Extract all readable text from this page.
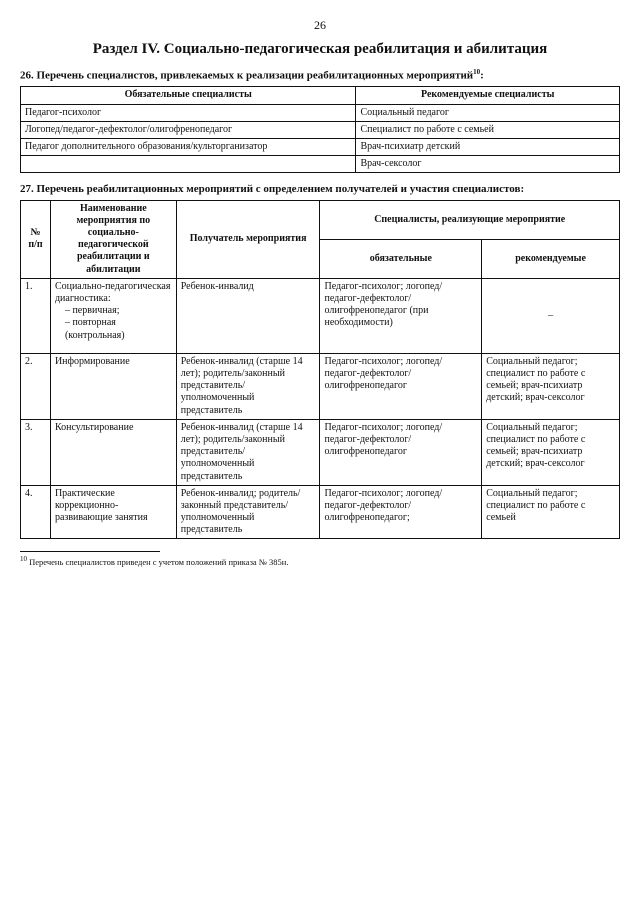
26
Раздел IV. Социально-педагогическая реабилитация и абилитация
26. Перечень специалистов, привлекаемых к реализации реабилитационных мероприятий$^{10}$:
Обязательные специалисты	Рекомендуемые специалисты
Педагог-психолог	Социальный педагог
Логопед/педагог-дефектолог/олигофренопедагог	Специалист по работе с семьей
Педагог дополнительного образования/культорганизатор	Врач-психиатр детский
	Врач-сексолог
27. Перечень реабилитационных мероприятий с определением получателей и участия специалистов:
№ п/п	Наименование мероприятия по социально-педагогической реабилитации и абилитации	Получатель мероприятия	Специалисты, реализующие мероприятие	
			обязательные	рекомендуемые
1.	Социально-педагогическая диагностика:
– первичная;
– повторная (контрольная)	Ребенок-инвалид	Педагог-психолог; логопед/педагог-дефектолог/олигофренопедагог (при необходимости)	–
2.	Информирование	Ребенок-инвалид (старше 14 лет); родитель/законный представитель/уполномоченный представитель	Педагог-психолог; логопед/педагог-дефектолог/олигофренопедагог	Социальный педагог; специалист по работе с семьей; врач-психиатр детский; врач-сексолог
3.	Консультирование	Ребенок-инвалид (старше 14 лет); родитель/законный представитель/уполномоченный представитель	Педагог-психолог; логопед/педагог-дефектолог/олигофренопедагог	Социальный педагог; специалист по работе с семьей; врач-психиатр детский; врач-сексолог
4.	Практические коррекционно-развивающие занятия	Ребенок-инвалид; родитель/законный представитель/уполномоченный представитель	Педагог-психолог; логопед/педагог-дефектолог/олигофренопедагог;	Социальный педагог; специалист по работе с семьей
$^{10}$ Перечень специалистов приведен с учетом положений приказа № 385н.
